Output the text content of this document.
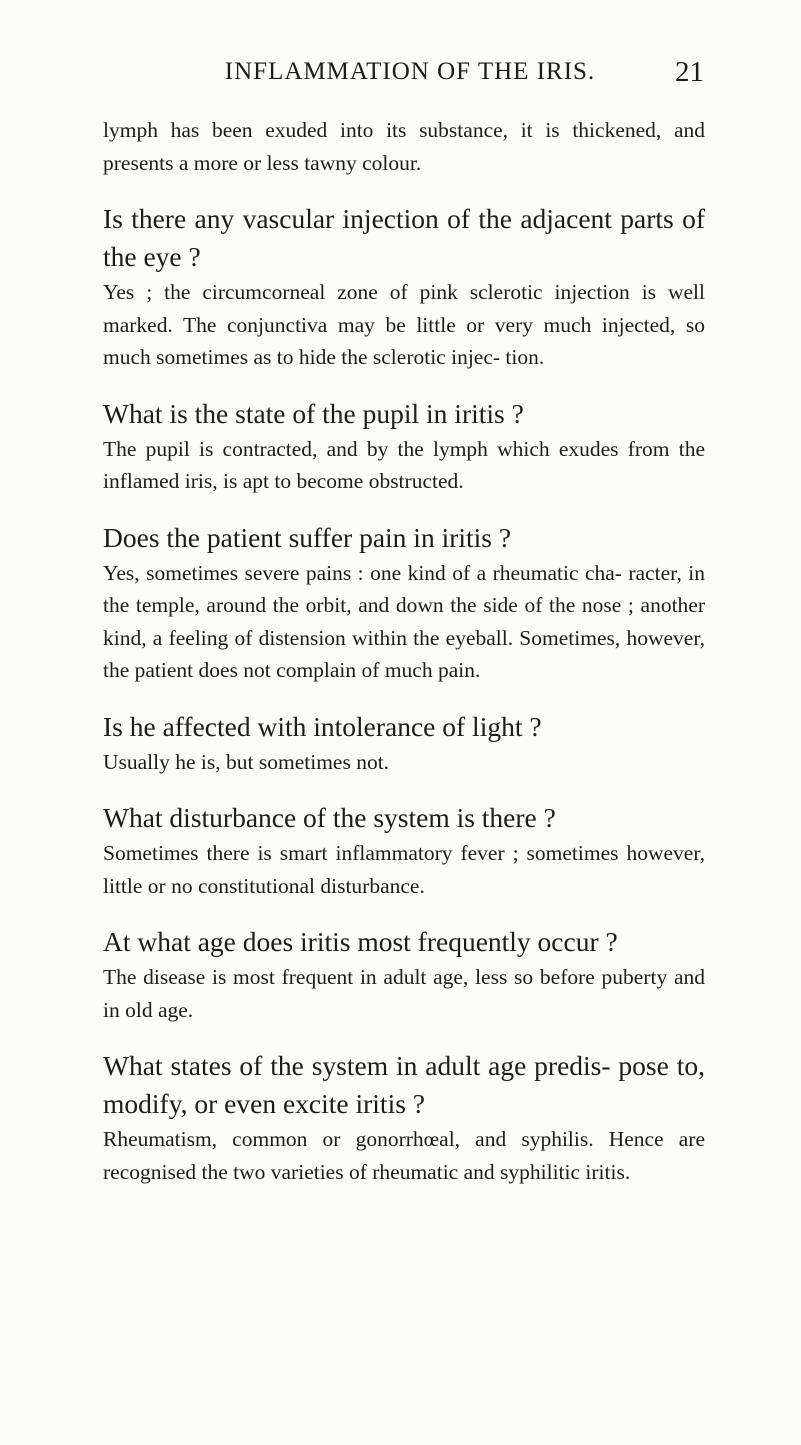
INFLAMMATION OF THE IRIS.	21

lymph has been exuded into its substance, it is thickened, and presents a more or less tawny colour.

Is there any vascular injection of the adjacent parts of the eye ?

Yes ; the circumcorneal zone of pink sclerotic injection is well marked. The conjunctiva may be little or very much injected, so much sometimes as to hide the sclerotic injec- tion.

What is the state of the pupil in iritis ?

The pupil is contracted, and by the lymph which exudes from the inflamed iris, is apt to become obstructed.

Does the patient suffer pain in iritis ?

Yes, sometimes severe pains : one kind of a rheumatic cha- racter, in the temple, around the orbit, and down the side of the nose ; another kind, a feeling of distension within the eyeball. Sometimes, however, the patient does not complain of much pain.

Is he affected with intolerance of light ?

Usually he is, but sometimes not.

What disturbance of the system is there ?

Sometimes there is smart inflammatory fever ; sometimes however, little or no constitutional disturbance.

At what age does iritis most frequently occur ?

The disease is most frequent in adult age, less so before puberty and in old age.

What states of the system in adult age predis- pose to, modify, or even excite iritis ?

Rheumatism, common or gonorrhœal, and syphilis. Hence are recognised the two varieties of rheumatic and syphilitic iritis.
